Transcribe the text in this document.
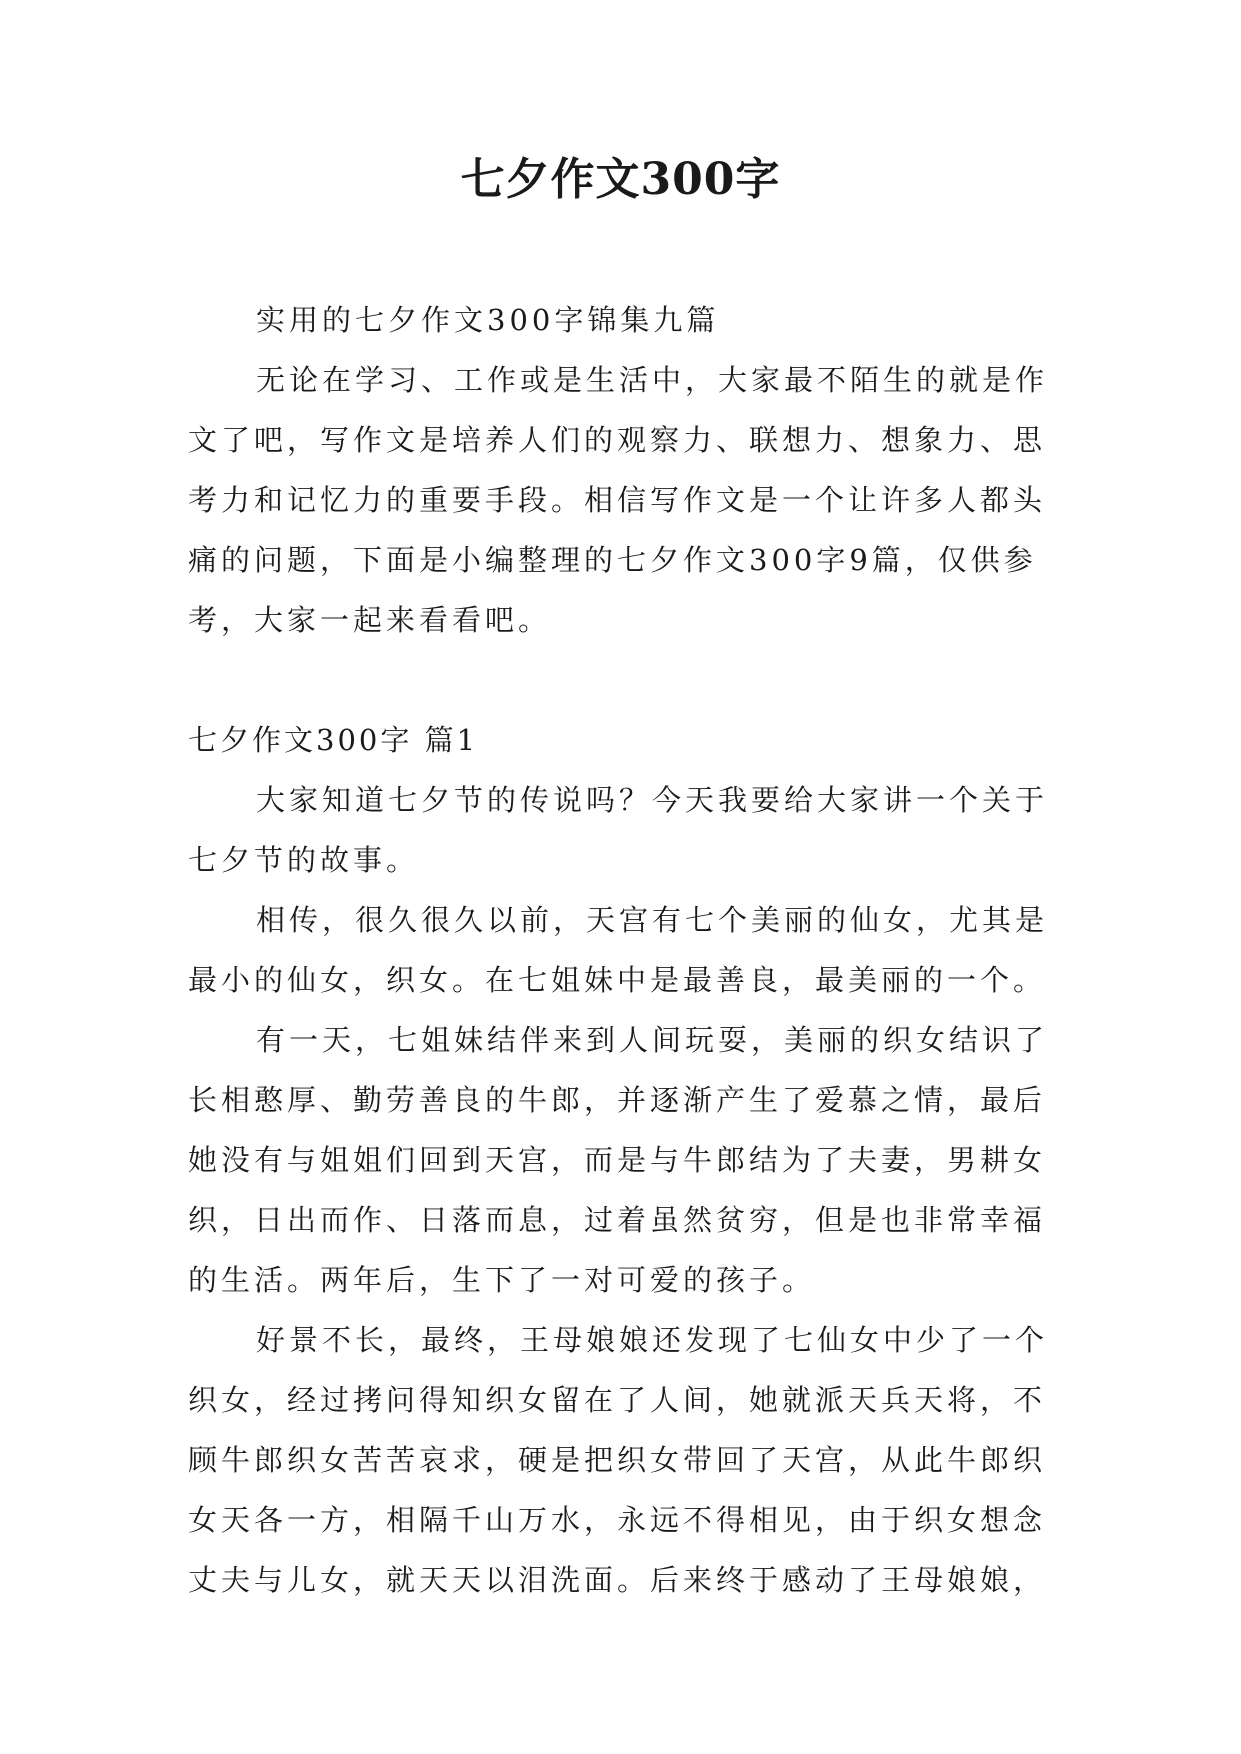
七夕作文300字

实用的七夕作文300字锦集九篇

无论在学习、工作或是生活中，大家最不陌生的就是作文了吧，写作文是培养人们的观察力、联想力、想象力、思考力和记忆力的重要手段。相信写作文是一个让许多人都头痛的问题，下面是小编整理的七夕作文300字9篇，仅供参考，大家一起来看看吧。

七夕作文300字 篇1

大家知道七夕节的传说吗？今天我要给大家讲一个关于七夕节的故事。

相传，很久很久以前，天宫有七个美丽的仙女，尤其是最小的仙女，织女。在七姐妹中是最善良，最美丽的一个。

有一天，七姐妹结伴来到人间玩耍，美丽的织女结识了长相憨厚、勤劳善良的牛郎，并逐渐产生了爱慕之情，最后她没有与姐姐们回到天宫，而是与牛郎结为了夫妻，男耕女织，日出而作、日落而息，过着虽然贫穷，但是也非常幸福的生活。两年后，生下了一对可爱的孩子。

好景不长，最终，王母娘娘还发现了七仙女中少了一个织女，经过拷问得知织女留在了人间，她就派天兵天将，不顾牛郎织女苦苦哀求，硬是把织女带回了天宫，从此牛郎织女天各一方，相隔千山万水，永远不得相见，由于织女想念丈夫与儿女，就天天以泪洗面。后来终于感动了王母娘娘，
